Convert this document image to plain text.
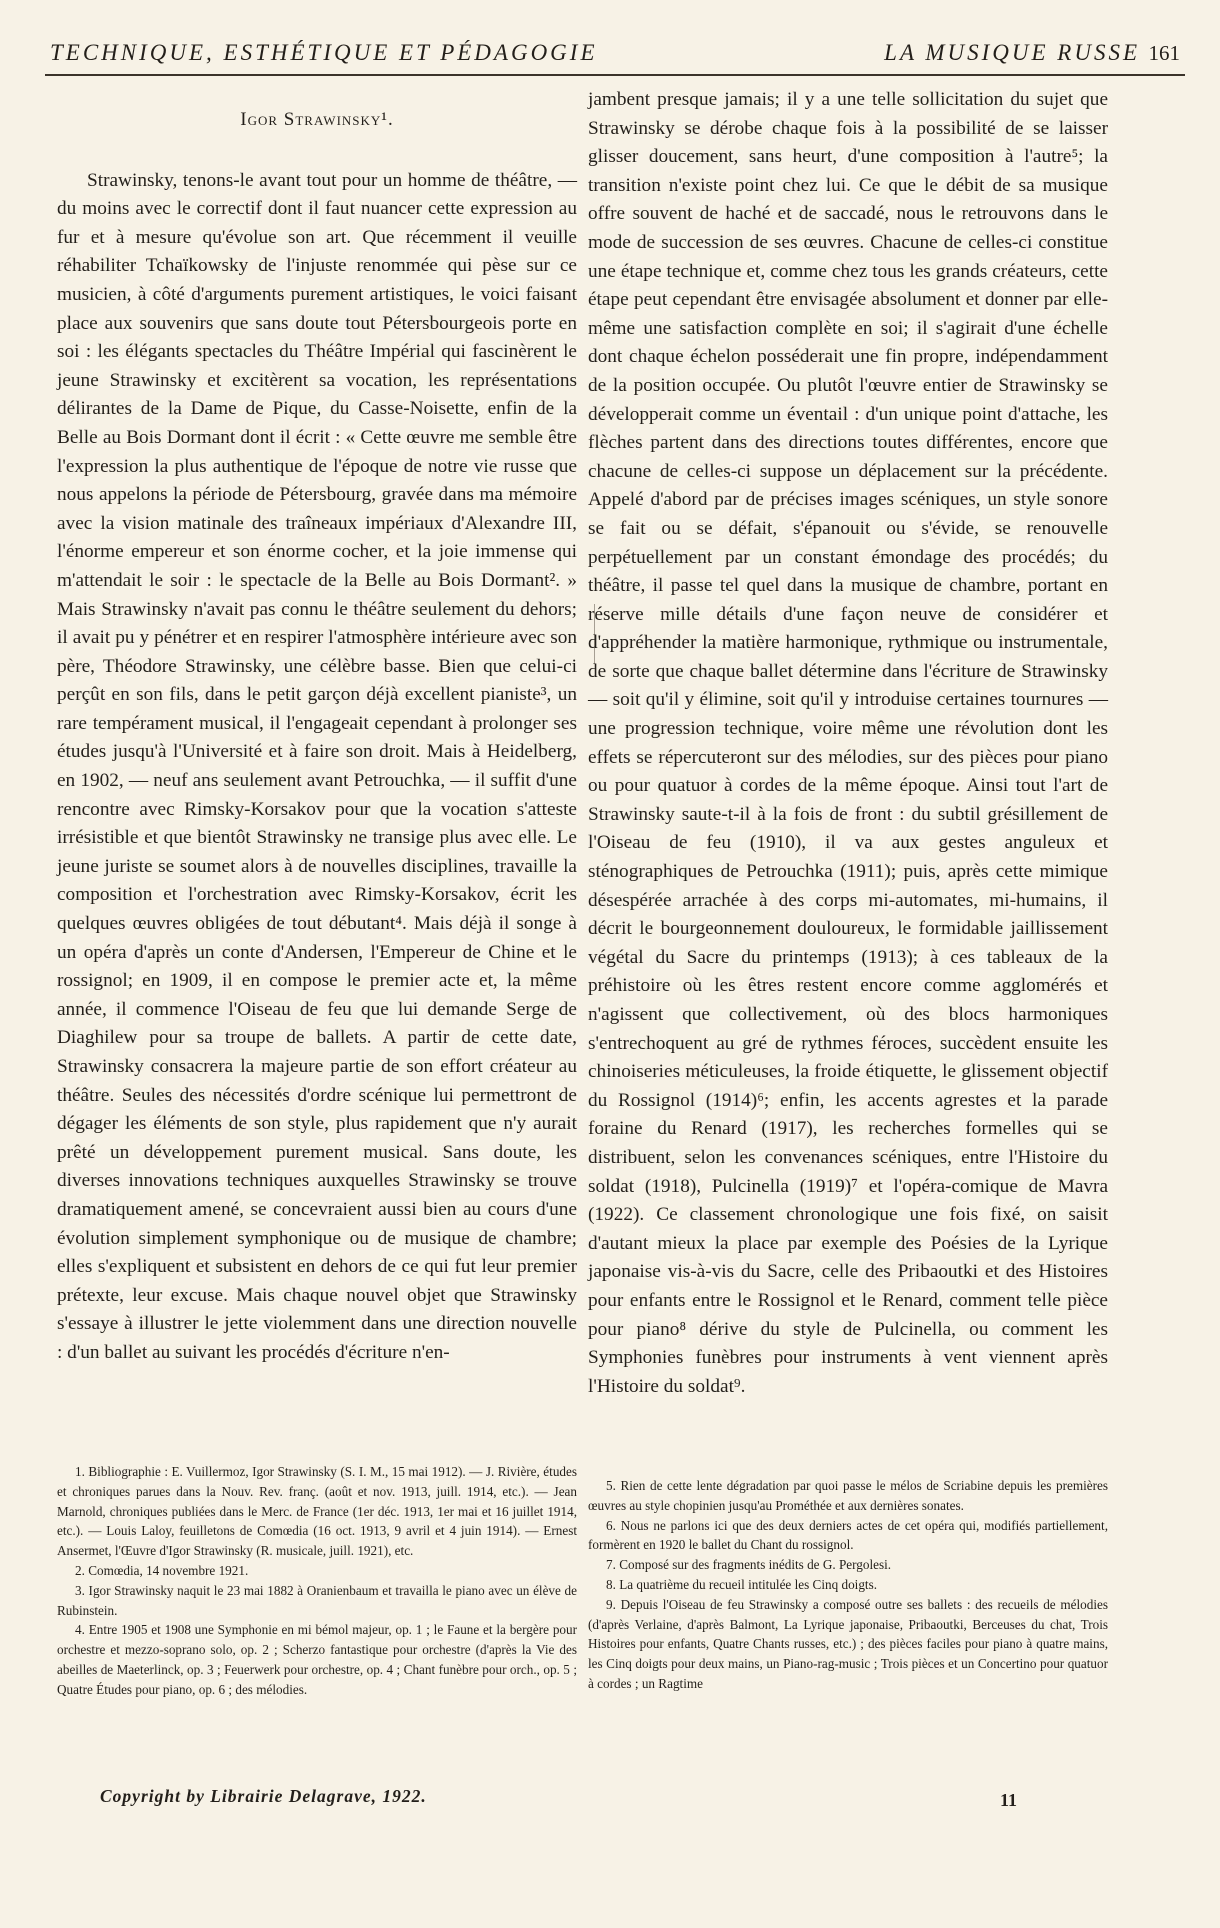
TECHNIQUE, ESTHÉTIQUE ET PÉDAGOGIE	LA MUSIQUE RUSSE 161

Igor Strawinsky¹.

Strawinsky, tenons-le avant tout pour un homme de théâtre, — du moins avec le correctif dont il faut nuancer cette expression au fur et à mesure qu'évolue son art. Que récemment il veuille réhabiliter Tchaïkowsky de l'injuste renommée qui pèse sur ce musicien, à côté d'arguments purement artistiques, le voici faisant place aux souvenirs que sans doute tout Pétersbourgeois porte en soi : les élégants spectacles du Théâtre Impérial qui fascinèrent le jeune Strawinsky et excitèrent sa vocation, les représentations délirantes de la Dame de Pique, du Casse-Noisette, enfin de la Belle au Bois Dormant dont il écrit : « Cette œuvre me semble être l'expression la plus authentique de l'époque de notre vie russe que nous appelons la période de Pétersbourg, gravée dans ma mémoire avec la vision matinale des traîneaux impériaux d'Alexandre III, l'énorme empereur et son énorme cocher, et la joie immense qui m'attendait le soir : le spectacle de la Belle au Bois Dormant². » Mais Strawinsky n'avait pas connu le théâtre seulement du dehors; il avait pu y pénétrer et en respirer l'atmosphère intérieure avec son père, Théodore Strawinsky, une célèbre basse. Bien que celui-ci perçût en son fils, dans le petit garçon déjà excellent pianiste³, un rare tempérament musical, il l'engageait cependant à prolonger ses études jusqu'à l'Université et à faire son droit. Mais à Heidelberg, en 1902, — neuf ans seulement avant Petrouchka, — il suffit d'une rencontre avec Rimsky-Korsakov pour que la vocation s'atteste irrésistible et que bientôt Strawinsky ne transige plus avec elle. Le jeune juriste se soumet alors à de nouvelles disciplines, travaille la composition et l'orchestration avec Rimsky-Korsakov, écrit les quelques œuvres obligées de tout débutant⁴. Mais déjà il songe à un opéra d'après un conte d'Andersen, l'Empereur de Chine et le rossignol; en 1909, il en compose le premier acte et, la même année, il commence l'Oiseau de feu que lui demande Serge de Diaghilew pour sa troupe de ballets. A partir de cette date, Strawinsky consacrera la majeure partie de son effort créateur au théâtre. Seules des nécessités d'ordre scénique lui permettront de dégager les éléments de son style, plus rapidement que n'y aurait prêté un développement purement musical. Sans doute, les diverses innovations techniques auxquelles Strawinsky se trouve dramatiquement amené, se concevraient aussi bien au cours d'une évolution simplement symphonique ou de musique de chambre; elles s'expliquent et subsistent en dehors de ce qui fut leur premier prétexte, leur excuse. Mais chaque nouvel objet que Strawinsky s'essaye à illustrer le jette violemment dans une direction nouvelle : d'un ballet au suivant les procédés d'écriture n'en-

jambent presque jamais; il y a une telle sollicitation du sujet que Strawinsky se dérobe chaque fois à la possibilité de se laisser glisser doucement, sans heurt, d'une composition à l'autre⁵; la transition n'existe point chez lui. Ce que le débit de sa musique offre souvent de haché et de saccadé, nous le retrouvons dans le mode de succession de ses œuvres. Chacune de celles-ci constitue une étape technique et, comme chez tous les grands créateurs, cette étape peut cependant être envisagée absolument et donner par elle-même une satisfaction complète en soi; il s'agirait d'une échelle dont chaque échelon posséderait une fin propre, indépendamment de la position occupée. Ou plutôt l'œuvre entier de Strawinsky se développerait comme un éventail : d'un unique point d'attache, les flèches partent dans des directions toutes différentes, encore que chacune de celles-ci suppose un déplacement sur la précédente. Appelé d'abord par de précises images scéniques, un style sonore se fait ou se défait, s'épanouit ou s'évide, se renouvelle perpétuellement par un constant émondage des procédés; du théâtre, il passe tel quel dans la musique de chambre, portant en réserve mille détails d'une façon neuve de considérer et d'appréhender la matière harmonique, rythmique ou instrumentale, de sorte que chaque ballet détermine dans l'écriture de Strawinsky — soit qu'il y élimine, soit qu'il y introduise certaines tournures — une progression technique, voire même une révolution dont les effets se répercuteront sur des mélodies, sur des pièces pour piano ou pour quatuor à cordes de la même époque. Ainsi tout l'art de Strawinsky saute-t-il à la fois de front : du subtil grésillement de l'Oiseau de feu (1910), il va aux gestes anguleux et sténographiques de Petrouchka (1911); puis, après cette mimique désespérée arrachée à des corps mi-automates, mi-humains, il décrit le bourgeonnement douloureux, le formidable jaillissement végétal du Sacre du printemps (1913); à ces tableaux de la préhistoire où les êtres restent encore comme agglomérés et n'agissent que collectivement, où des blocs harmoniques s'entrechoquent au gré de rythmes féroces, succèdent ensuite les chinoiseries méticuleuses, la froide étiquette, le glissement objectif du Rossignol (1914)⁶; enfin, les accents agrestes et la parade foraine du Renard (1917), les recherches formelles qui se distribuent, selon les convenances scéniques, entre l'Histoire du soldat (1918), Pulcinella (1919)⁷ et l'opéra-comique de Mavra (1922). Ce classement chronologique une fois fixé, on saisit d'autant mieux la place par exemple des Poésies de la Lyrique japonaise vis-à-vis du Sacre, celle des Pribaoutki et des Histoires pour enfants entre le Rossignol et le Renard, comment telle pièce pour piano⁸ dérive du style de Pulcinella, ou comment les Symphonies funèbres pour instruments à vent viennent après l'Histoire du soldat⁹.

1. Bibliographie : E. Vuillermoz, Igor Strawinsky (S. I. M., 15 mai 1912). — J. Rivière, études et chroniques parues dans la Nouv. Rev. franç. (août et nov. 1913, juill. 1914, etc.). — Jean Marnold, chroniques publiées dans le Merc. de France (1er déc. 1913, 1er mai et 16 juillet 1914, etc.). — Louis Laloy, feuilletons de Comœdia (16 oct. 1913, 9 avril et 4 juin 1914). — Ernest Ansermet, l'Œuvre d'Igor Strawinsky (R. musicale, juill. 1921), etc.

2. Comœdia, 14 novembre 1921.

3. Igor Strawinsky naquit le 23 mai 1882 à Oranienbaum et travailla le piano avec un élève de Rubinstein.

4. Entre 1905 et 1908 une Symphonie en mi bémol majeur, op. 1 ; le Faune et la bergère pour orchestre et mezzo-soprano solo, op. 2 ; Scherzo fantastique pour orchestre (d'après la Vie des abeilles de Maeterlinck, op. 3 ; Feuerwerk pour orchestre, op. 4 ; Chant funèbre pour orch., op. 5 ; Quatre Études pour piano, op. 6 ; des mélodies.

5. Rien de cette lente dégradation par quoi passe le mélos de Scriabine depuis les premières œuvres au style chopinien jusqu'au Prométhée et aux dernières sonates.

6. Nous ne parlons ici que des deux derniers actes de cet opéra qui, modifiés partiellement, formèrent en 1920 le ballet du Chant du rossignol.

7. Composé sur des fragments inédits de G. Pergolesi.

8. La quatrième du recueil intitulée les Cinq doigts.

9. Depuis l'Oiseau de feu Strawinsky a composé outre ses ballets : des recueils de mélodies (d'après Verlaine, d'après Balmont, La Lyrique japonaise, Pribaoutki, Berceuses du chat, Trois Histoires pour enfants, Quatre Chants russes, etc.) ; des pièces faciles pour piano à quatre mains, les Cinq doigts pour deux mains, un Piano-rag-music ; Trois pièces et un Concertino pour quatuor à cordes ; un Ragtime

Copyright by Librairie Delagrave, 1922.	11
